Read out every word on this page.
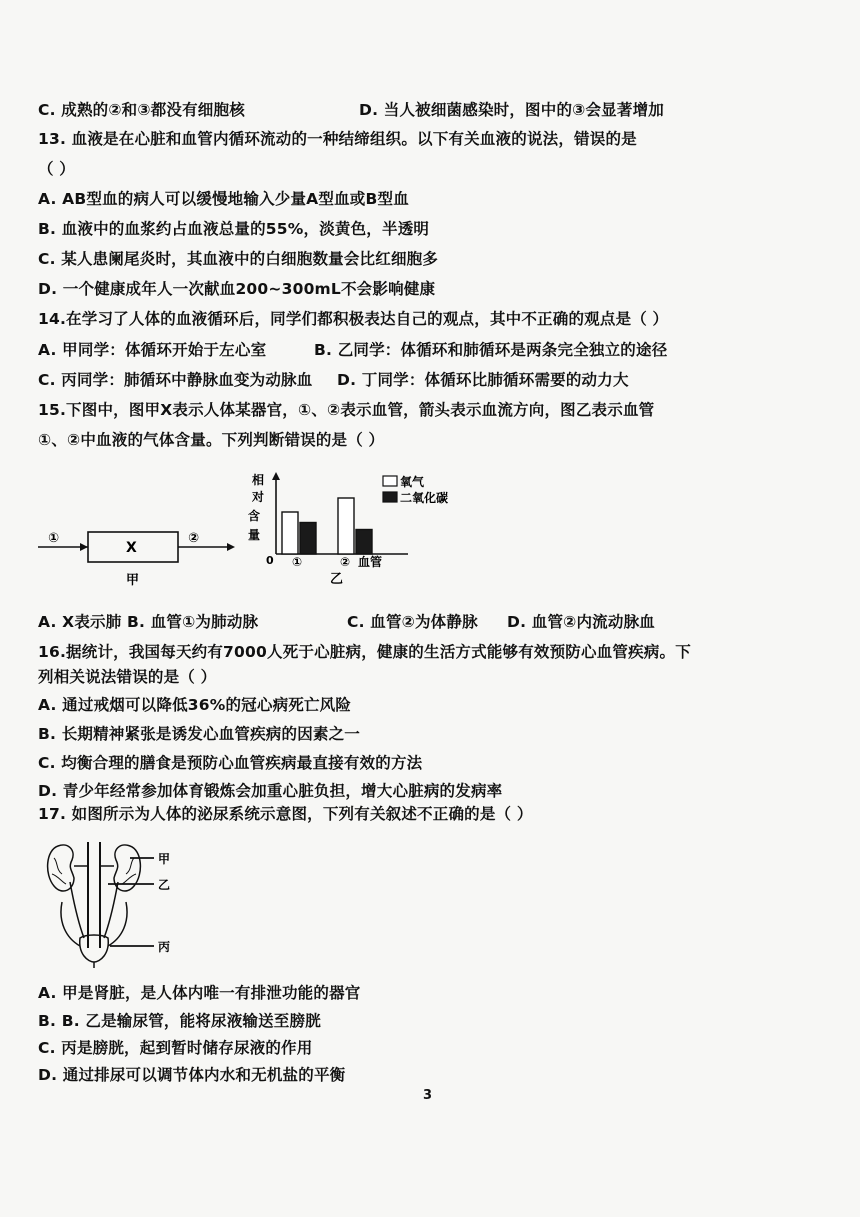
C. 成熟的②和③都没有细胞核	D. 当人被细菌感染时，图中的③会显著增加
13. 血液是在心脏和血管内循环流动的一种结缔组织。以下有关血液的说法，错误的是
（ ）
A. AB型血的病人可以缓慢地输入少量A型血或B型血
B. 血液中的血浆约占血液总量的55%，淡黄色，半透明
C. 某人患阑尾炎时，其血液中的白细胞数量会比红细胞多
D. 一个健康成年人一次献血200~300mL不会影响健康
14.在学习了人体的血液循环后，同学们都积极表达自己的观点，其中不正确的观点是（ ）
A. 甲同学：体循环开始于左心室	B. 乙同学：体循环和肺循环是两条完全独立的途径
C. 丙同学：肺循环中静脉血变为动脉血 D. 丁同学：体循环比肺循环需要的动力大
15.下图中，图甲X表示人体某器官，①、②表示血管，箭头表示血流方向，图乙表示血管
①、②中血液的气体含量。下列判断错误的是（ ）
①	②
X
甲
相
对
含
量
0 ①	② 血管
乙
氧气
二氧化碳
A. X表示肺 B. 血管①为肺动脉	C. 血管②为体静脉 D. 血管②内流动脉血
16.据统计，我国每天约有7000人死于心脏病，健康的生活方式能够有效预防心血管疾病。下
列相关说法错误的是（ ）
A. 通过戒烟可以降低36%的冠心病死亡风险
B. 长期精神紧张是诱发心血管疾病的因素之一
C. 均衡合理的膳食是预防心血管疾病最直接有效的方法
D. 青少年经常参加体育锻炼会加重心脏负担，增大心脏病的发病率
17. 如图所示为人体的泌尿系统示意图，下列有关叙述不正确的是（ ）
甲
乙
丙
A. 甲是肾脏，是人体内唯一有排泄功能的器官
B. B. 乙是输尿管，能将尿液输送至膀胱
C. 丙是膀胱，起到暂时储存尿液的作用
D. 通过排尿可以调节体内水和无机盐的平衡
3
